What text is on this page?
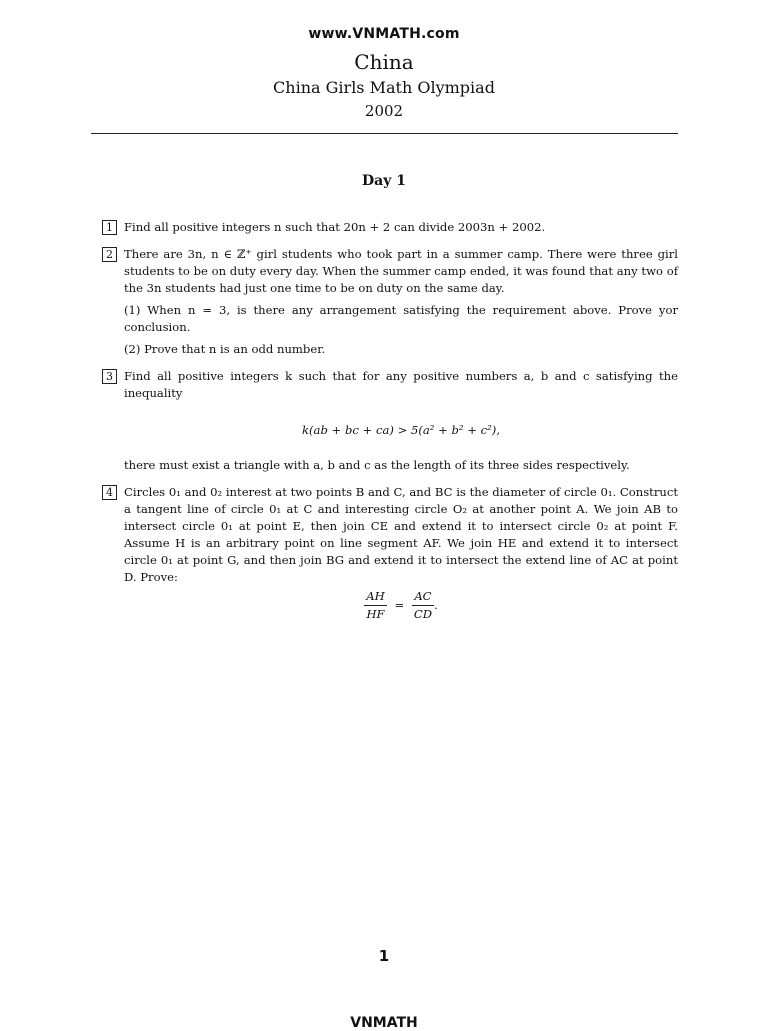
www.VNMATH.com
China
China Girls Math Olympiad
2002
Day 1
1 Find all positive integers n such that 20n + 2 can divide 2003n + 2002.
2 There are 3n, n ∈ ℤ⁺ girl students who took part in a summer camp. There were three girl students to be on duty every day. When the summer camp ended, it was found that any two of the 3n students had just one time to be on duty on the same day.
(1) When n = 3, is there any arrangement satisfying the requirement above. Prove yor conclusion.
(2) Prove that n is an odd number.
3 Find all positive integers k such that for any positive numbers a, b and c satisfying the inequality
k(ab + bc + ca) > 5(a² + b² + c²),
there must exist a triangle with a, b and c as the length of its three sides respectively.
4 Circles 0₁ and 0₂ interest at two points B and C, and BC is the diameter of circle 0₁. Construct a tangent line of circle 0₁ at C and interesting circle O₂ at another point A. We join AB to intersect circle 0₁ at point E, then join CE and extend it to intersect circle 0₂ at point F. Assume H is an arbitrary point on line segment AF. We join HE and extend it to intersect circle 0₁ at point G, and then join BG and extend it to intersect the extend line of AC at point D. Prove:
$\frac{AH}{HF} = \frac{AC}{CD}$ .
1
VNMATH
